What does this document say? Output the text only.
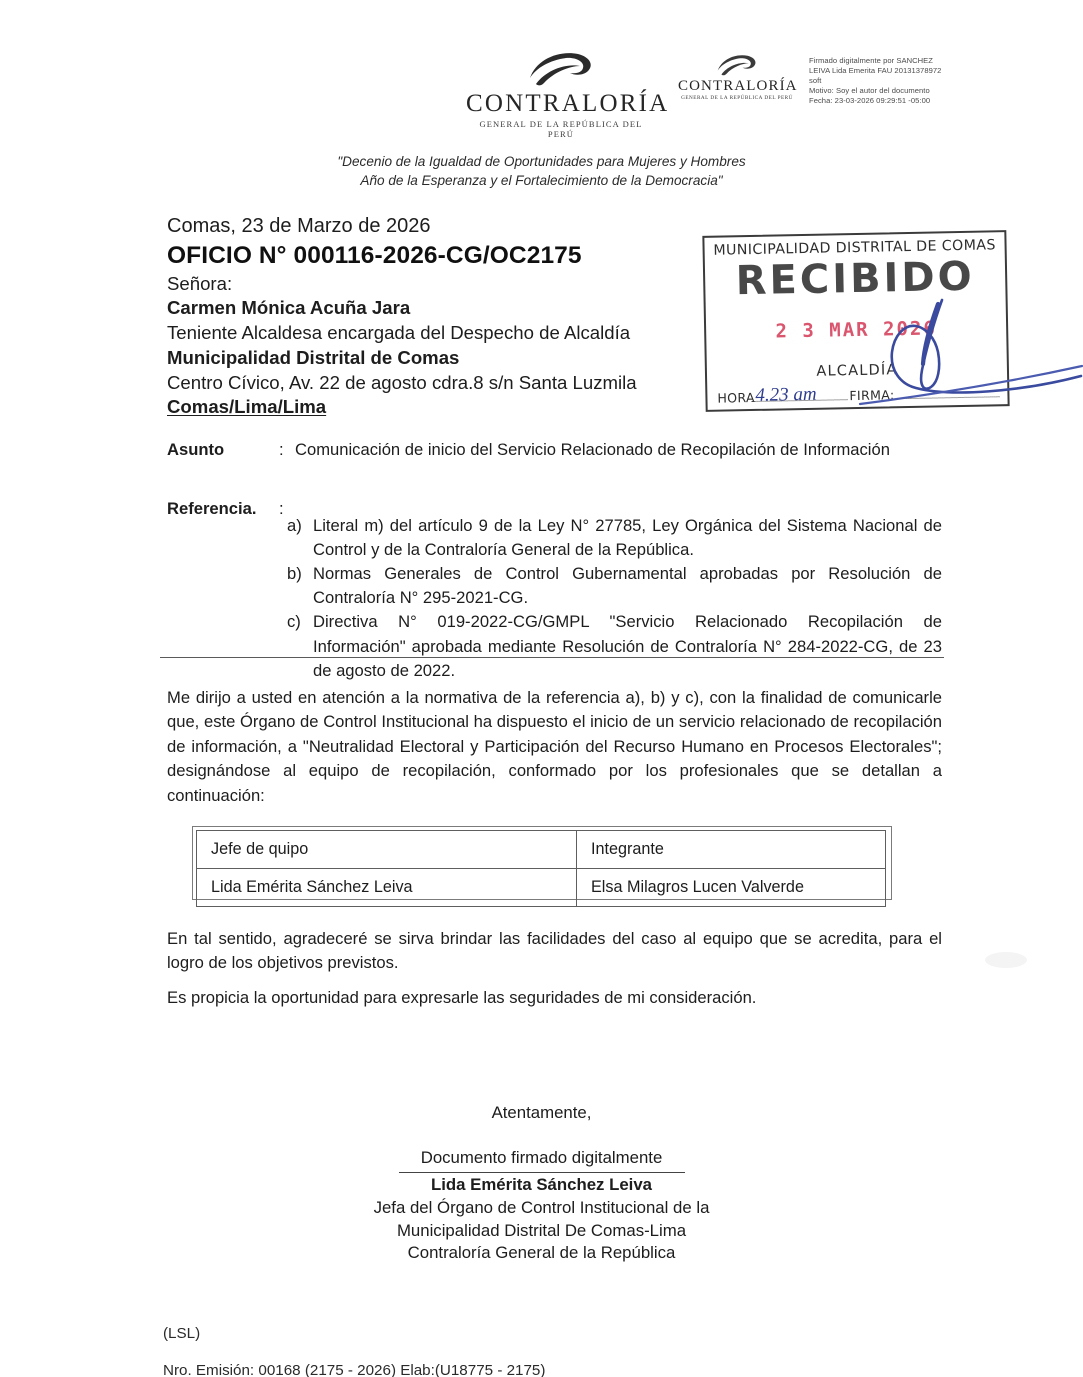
CONTRALORÍA
GENERAL DE LA REPÚBLICA DEL PERÚ
CONTRALORÍA
GENERAL DE LA REPÚBLICA DEL PERÚ
Firmado digitalmente por SANCHEZ
LEIVA Lida Emerita FAU 20131378972
soft
Motivo: Soy el autor del documento
Fecha: 23-03-2026 09:29:51 -05:00
"Decenio de la Igualdad de Oportunidades para Mujeres y Hombres
Año de la Esperanza y el Fortalecimiento de la Democracia"
Comas, 23 de Marzo de 2026
OFICIO N° 000116-2026-CG/OC2175
Señora:
Carmen Mónica Acuña Jara
Teniente Alcaldesa encargada del Despecho de Alcaldía
Municipalidad Distrital de Comas
Centro Cívico, Av. 22 de agosto cdra.8 s/n Santa Luzmila
Comas/Lima/Lima
MUNICIPALIDAD DISTRITAL DE COMAS
RECIBIDO
2 3 MAR 2026
ALCALDÍA
HORA 4.23 am	FIRMA:
Asunto	: Comunicación de inicio del Servicio Relacionado de Recopilación de Información
Referencia. :
a) Literal m) del artículo 9 de la Ley N° 27785, Ley Orgánica del Sistema Nacional de Control y de la Contraloría General de la República.
b) Normas Generales de Control Gubernamental aprobadas por Resolución de Contraloría N° 295-2021-CG.
c) Directiva N° 019-2022-CG/GMPL "Servicio Relacionado Recopilación de Información" aprobada mediante Resolución de Contraloría N° 284-2022-CG, de 23 de agosto de 2022.
Me dirijo a usted en atención a la normativa de la referencia a), b) y c), con la finalidad de comunicarle que, este Órgano de Control Institucional ha dispuesto el inicio de un servicio relacionado de recopilación de información, a "Neutralidad Electoral y Participación del Recurso Humano en Procesos Electorales"; designándose al equipo de recopilación, conformado por los profesionales que se detallan a continuación:
Jefe de quipo	Integrante
Lida Emérita Sánchez Leiva	Elsa Milagros Lucen Valverde
En tal sentido, agradeceré se sirva brindar las facilidades del caso al equipo que se acredita, para el logro de los objetivos previstos.
Es propicia la oportunidad para expresarle las seguridades de mi consideración.
Atentamente,
Documento firmado digitalmente
Lida Emérita Sánchez Leiva
Jefa del Órgano de Control Institucional de la
Municipalidad Distrital De Comas-Lima
Contraloría General de la República
(LSL)
Nro. Emisión: 00168 (2175 - 2026) Elab:(U18775 - 2175)
